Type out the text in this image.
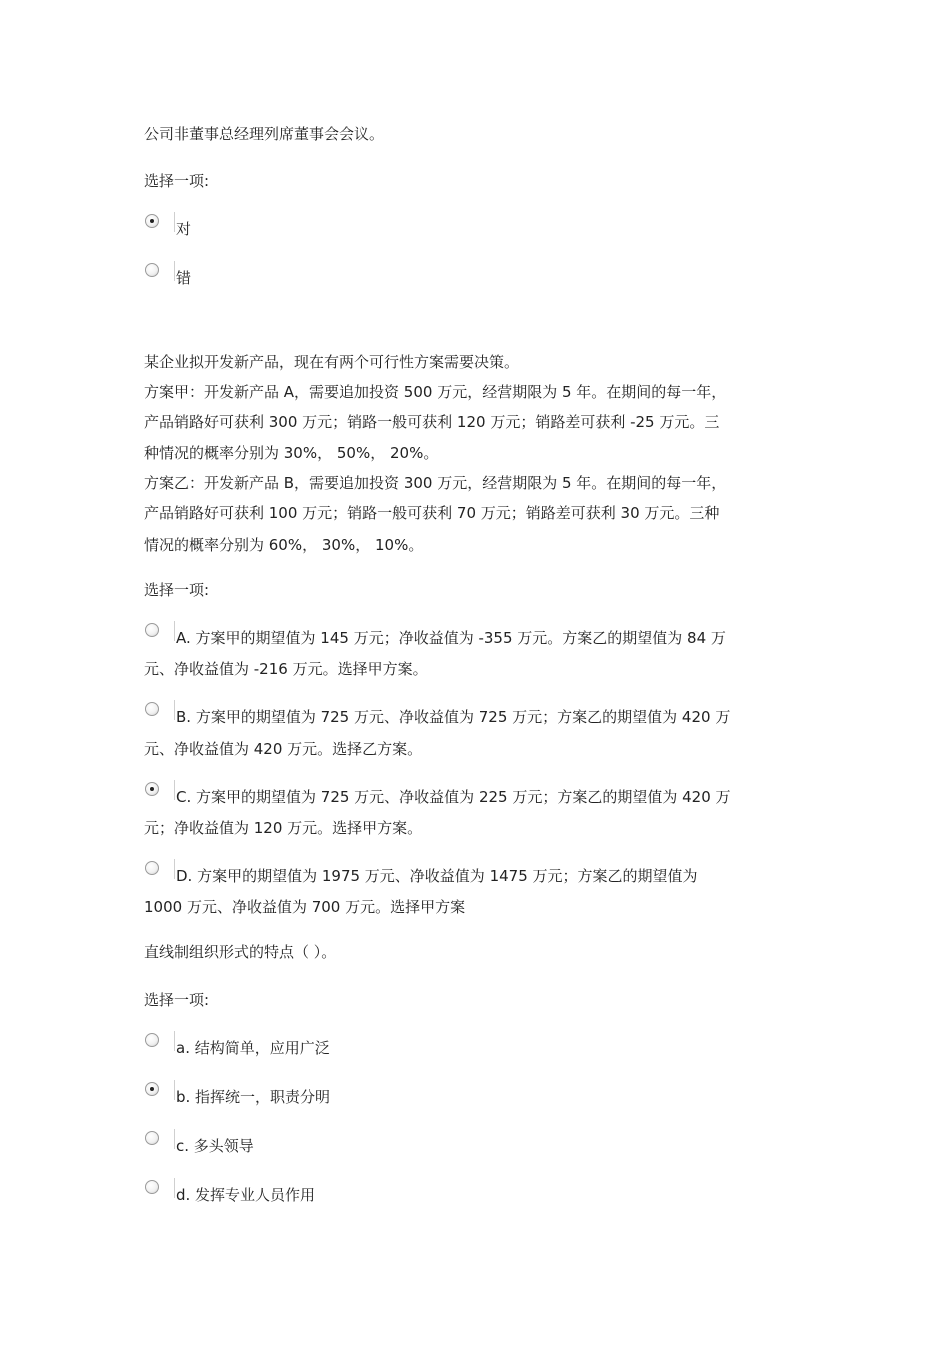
公司非董事总经理列席董事会会议。
选择一项:
对
错
某企业拟开发新产品，现在有两个可行性方案需要决策。
方案甲：开发新产品 A，需要追加投资 500 万元，经营期限为 5 年。在期间的每一年，
产品销路好可获利 300 万元；销路一般可获利 120 万元；销路差可获利 -25 万元。三
种情况的概率分别为 30%， 50%， 20%。
方案乙：开发新产品 B，需要追加投资 300 万元，经营期限为 5 年。在期间的每一年，
产品销路好可获利 100 万元；销路一般可获利 70 万元；销路差可获利 30 万元。三种
情况的概率分别为 60%， 30%， 10%。
选择一项:
A. 方案甲的期望值为 145 万元；净收益值为 -355 万元。方案乙的期望值为 84 万
元、净收益值为 -216 万元。选择甲方案。
B. 方案甲的期望值为 725 万元、净收益值为 725 万元；方案乙的期望值为 420 万
元、净收益值为 420 万元。选择乙方案。
C. 方案甲的期望值为 725 万元、净收益值为 225 万元；方案乙的期望值为 420 万
元；净收益值为 120 万元。选择甲方案。
D. 方案甲的期望值为 1975 万元、净收益值为 1475 万元；方案乙的期望值为
1000 万元、净收益值为 700 万元。选择甲方案
直线制组织形式的特点（ ）。
选择一项:
a. 结构简单，应用广泛
b. 指挥统一，职责分明
c. 多头领导
d. 发挥专业人员作用
